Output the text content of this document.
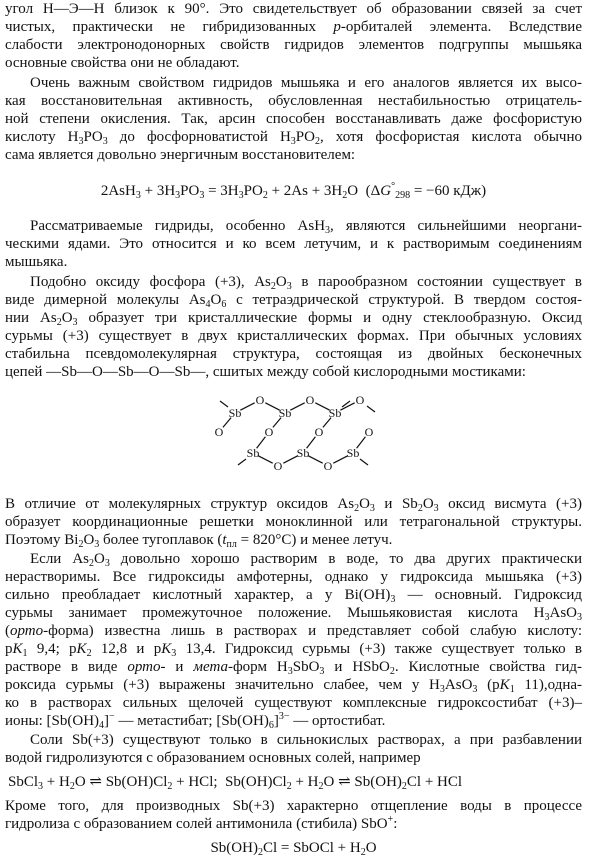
угол Н—Э—Н близок к 90°. Это свидетельствует об образовании связей за счет

чистых, практически не гибридизованных p-орбиталей элемента. Вследствие

слабости электронодонорных свойств гидридов элементов подгруппы мышьяка

основные свойства они не обладают.

Очень важным свойством гидридов мышьяка и его аналогов является их высо-

кая восстановительная активность, обусловленная нестабильностью отрицатель-

ной степени окисления. Так, арсин способен восстанавливать даже фосфористую

кислоту $H_3PO_3$ до фосфорноватистой $H_3PO_2$, хотя фосфористая кислота обычно

сама является довольно энергичным восстановителем:

$2AsH_3 + 3H_3PO_3 = 3H_3PO_2 + 2As + 3H_2O$  ($\Delta G^\circ_{298} = -60$ кДж)

Рассматриваемые гидриды, особенно AsH$_3$, являются сильнейшими неоргани-

ческими ядами. Это относится и ко всем летучим, и к растворимым соединениям

мышьяка.

Подобно оксиду фосфора (+3), $As_2O_3$ в парообразном состоянии существует в

виде димерной молекулы $As_4O_6$ с тетраэдрической структурой. В твердом состоя-

нии $As_2O_3$ образует три кристаллические формы и одну стеклообразную. Оксид

сурьмы (+3) существует в двух кристаллических формах. При обычных условиях

стабильна псевдомолекулярная структура, состоящая из двойных бесконечных

цепей —Sb—O—Sb—O—Sb—, сшитых между собой кислородными мостиками:

Sb
O
Sb
O
Sb
O
O	O	O	O
Sb
O
Sb
O
Sb

В отличие от молекулярных структур оксидов $As_2O_3$ и $Sb_2O_3$ оксид висмута (+3)

образует координационные решетки моноклинной или тетрагональной структуры.

Поэтому $Bi_2O_3$ более тугоплавок $(t_{пл} = 820^\circ C)$ и менее летуч.

Если $As_2O_3$ довольно хорошо растворим в воде, то два других практически

нерастворимы. Все гидроксиды амфотерны, однако у гидроксида мышьяка (+3)

сильно преобладает кислотный характер, а у $Bi(OH)_3$ — основный. Гидроксид

сурьмы занимает промежуточное положение. Мышьяковистая кислота $H_3AsO_3$

(орто-форма) известна лишь в растворах и представляет собой слабую кислоту:

$pK_1$ 9,4; $pK_2$ 12,8 и $pK_3$ 13,4. Гидроксид сурьмы (+3) также существует только в

растворе в виде орто- и мета-форм $H_3SbO_3$ и HSbO$_2$. Кислотные свойства гид-

роксида сурьмы (+3) выражены значительно слабее, чем у $H_3AsO_3$ ($pK_1$ 11),одна-

ко в растворах сильных щелочей существуют комплексные гидроксостибат (+3)–

ионы: $[Sb(OH)_4]^-$ — метастибат; $[Sb(OH)_6]^{3-}$ — ортостибат.

Соли Sb(+3) существуют только в сильнокислых растворах, а при разбавлении

водой гидролизуются с образованием основных солей, например

SbCl$_3$ + $H_2O$ ⇌ $Sb(OH)Cl_2$ + HCl;  $Sb(OH)Cl_2 + H_2O$ ⇌ $Sb(OH)_2Cl$ + HCl

Кроме того, для производных Sb(+3) характерно отщепление воды в процессе

гидролиза с образованием солей антимонила (стибила) SbO+:

$Sb(OH)_2Cl$ = SbOCl + $H_2O$
